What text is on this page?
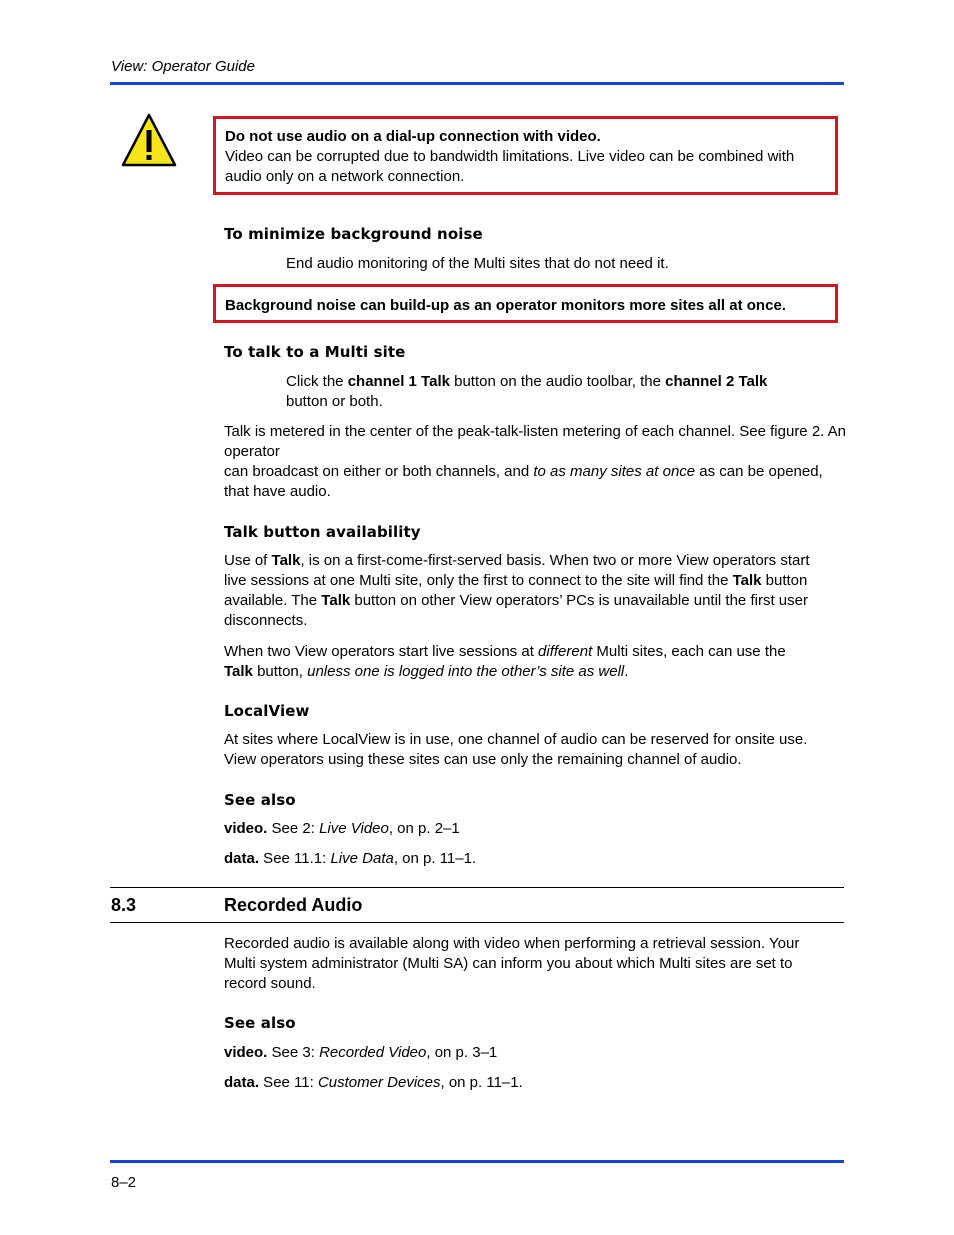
View: Operator Guide
Do not use audio on a dial-up connection with video.
Video can be corrupted due to bandwidth limitations. Live video can be combined with audio only on a network connection.
To minimize background noise
End audio monitoring of the Multi sites that do not need it.
Background noise can build-up as an operator monitors more sites all at once.
To talk to a Multi site
Click the channel 1 Talk button on the audio toolbar, the channel 2 Talk
button or both.
Talk is metered in the center of the peak-talk-listen metering of each channel. See figure 2. An operator
can broadcast on either or both channels, and to as many sites at once as can be opened,
that have audio.
Talk button availability
Use of Talk, is on a first-come-first-served basis. When two or more View operators start
live sessions at one Multi site, only the first to connect to the site will find the Talk button
available. The Talk button on other View operators’ PCs is unavailable until the first user
disconnects.
When two View operators start live sessions at different Multi sites, each can use the
Talk button, unless one is logged into the other’s site as well.
LocalView
At sites where LocalView is in use, one channel of audio can be reserved for onsite use.
View operators using these sites can use only the remaining channel of audio.
See also
video. See 2: Live Video, on p. 2–1
data. See 11.1: Live Data, on p. 11–1.
8.3	Recorded Audio
Recorded audio is available along with video when performing a retrieval session. Your
Multi system administrator (Multi SA) can inform you about which Multi sites are set to
record sound.
See also
video. See 3: Recorded Video, on p. 3–1
data. See 11: Customer Devices, on p. 11–1.
8–2
